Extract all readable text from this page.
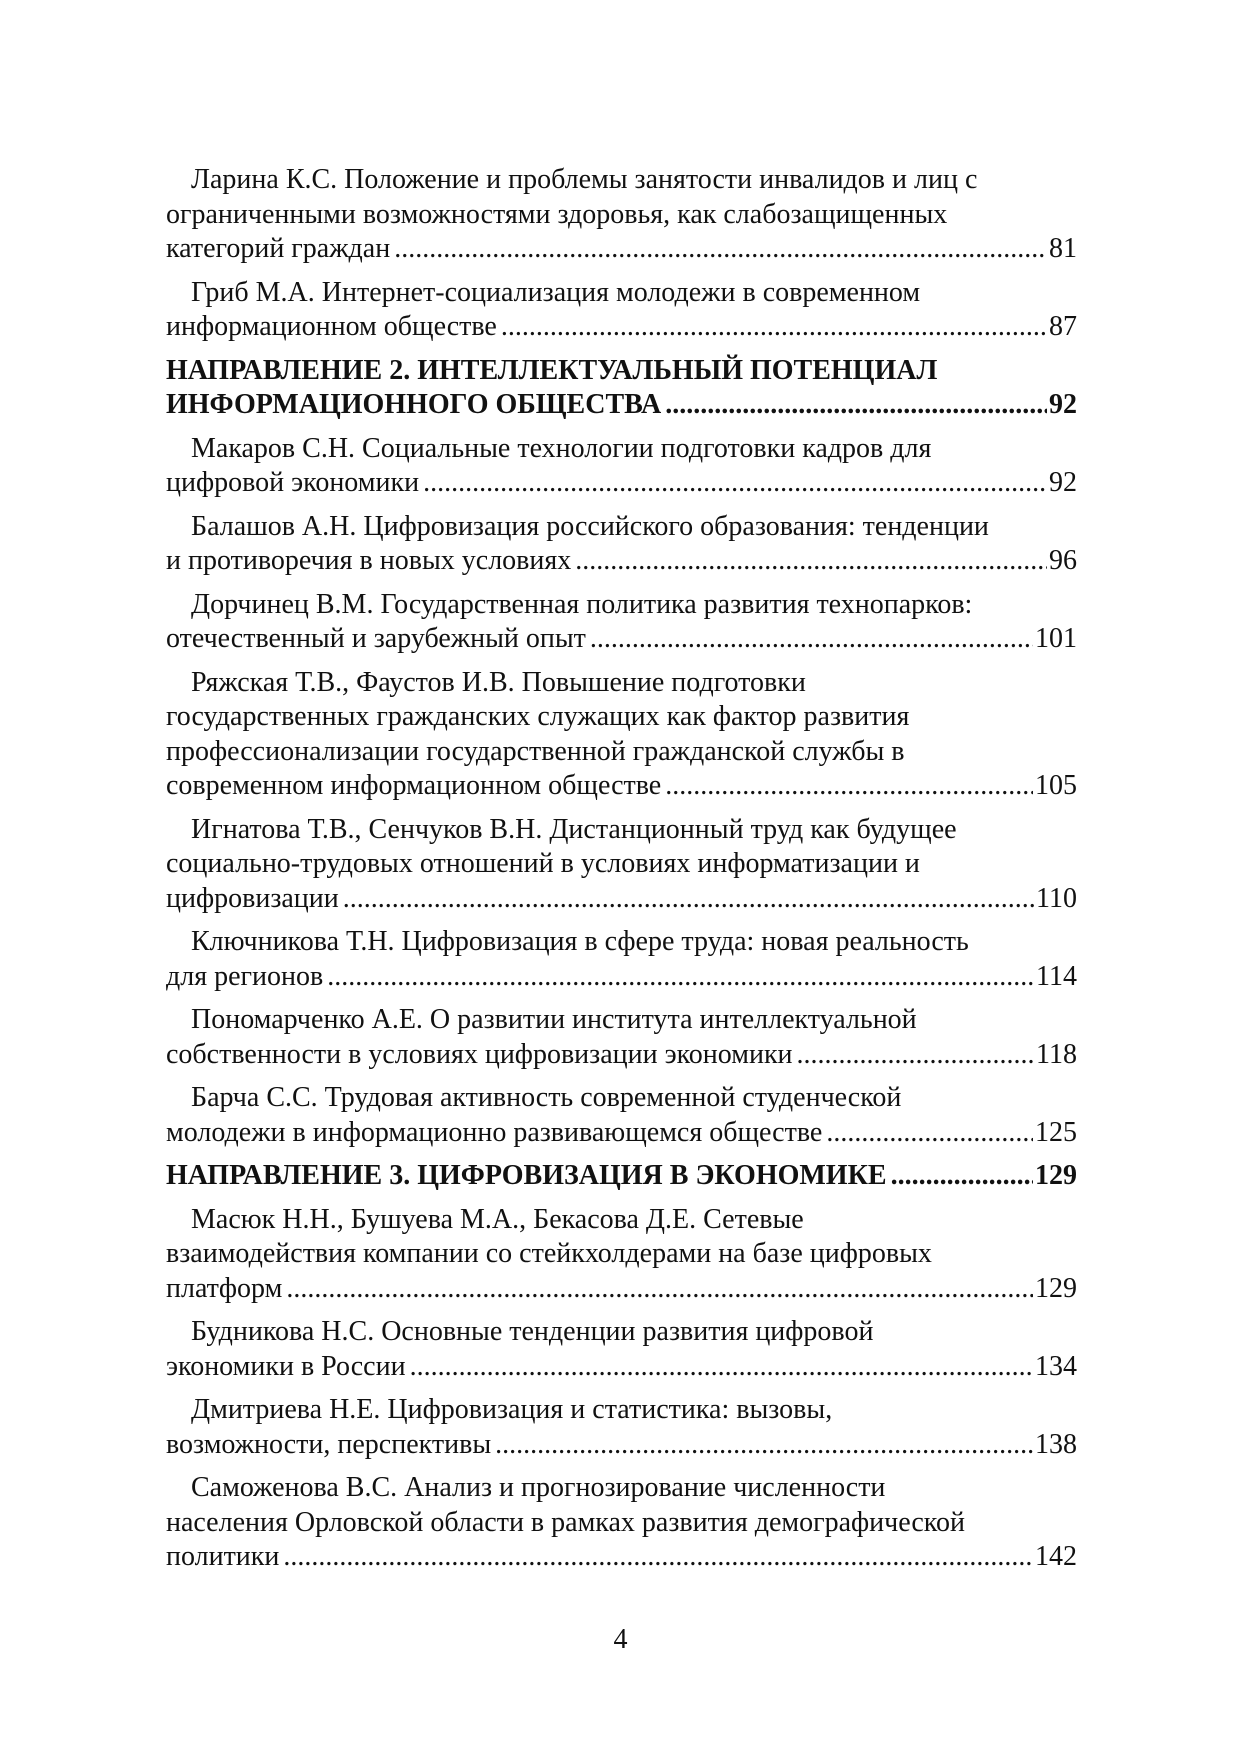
Ларина К.С. Положение и проблемы занятости инвалидов и лиц с
ограниченными возможностями здоровья, как слабозащищенных
категорий граждан .....	81
Гриб М.А. Интернет-социализация молодежи в современном
информационном обществе .....	87
НАПРАВЛЕНИЕ 2. ИНТЕЛЛЕКТУАЛЬНЫЙ ПОТЕНЦИАЛ
ИНФОРМАЦИОННОГО ОБЩЕСТВА .....	92
Макаров С.Н. Социальные технологии подготовки кадров для
цифровой экономики .....	92
Балашов А.Н. Цифровизация российского образования: тенденции
и противоречия в новых условиях .....	96
Дорчинец В.М. Государственная политика развития технопарков:
отечественный и зарубежный опыт .....	101
Ряжская Т.В., Фаустов И.В. Повышение подготовки
государственных гражданских служащих как фактор развития
профессионализации государственной гражданской службы в
современном информационном обществе .....	105
Игнатова Т.В., Сенчуков В.Н. Дистанционный труд как будущее
социально-трудовых отношений в условиях информатизации и
цифровизации .....	110
Ключникова Т.Н. Цифровизация в сфере труда: новая реальность
для регионов .....	114
Пономарченко А.Е. О развитии института интеллектуальной
собственности в условиях цифровизации экономики .....	118
Барча С.С. Трудовая активность современной студенческой
молодежи в информационно развивающемся обществе .....	125
НАПРАВЛЕНИЕ 3. ЦИФРОВИЗАЦИЯ В ЭКОНОМИКЕ .....	129
Масюк Н.Н., Бушуева М.А., Бекасова Д.Е. Сетевые
взаимодействия компании со стейкхолдерами на базе цифровых
платформ .....	129
Будникова Н.С. Основные тенденции развития цифровой
экономики в России .....	134
Дмитриева Н.Е. Цифровизация и статистика: вызовы,
возможности, перспективы .....	138
Саможенова В.С. Анализ и прогнозирование численности
населения Орловской области в рамках развития демографической
политики .....	142
4
